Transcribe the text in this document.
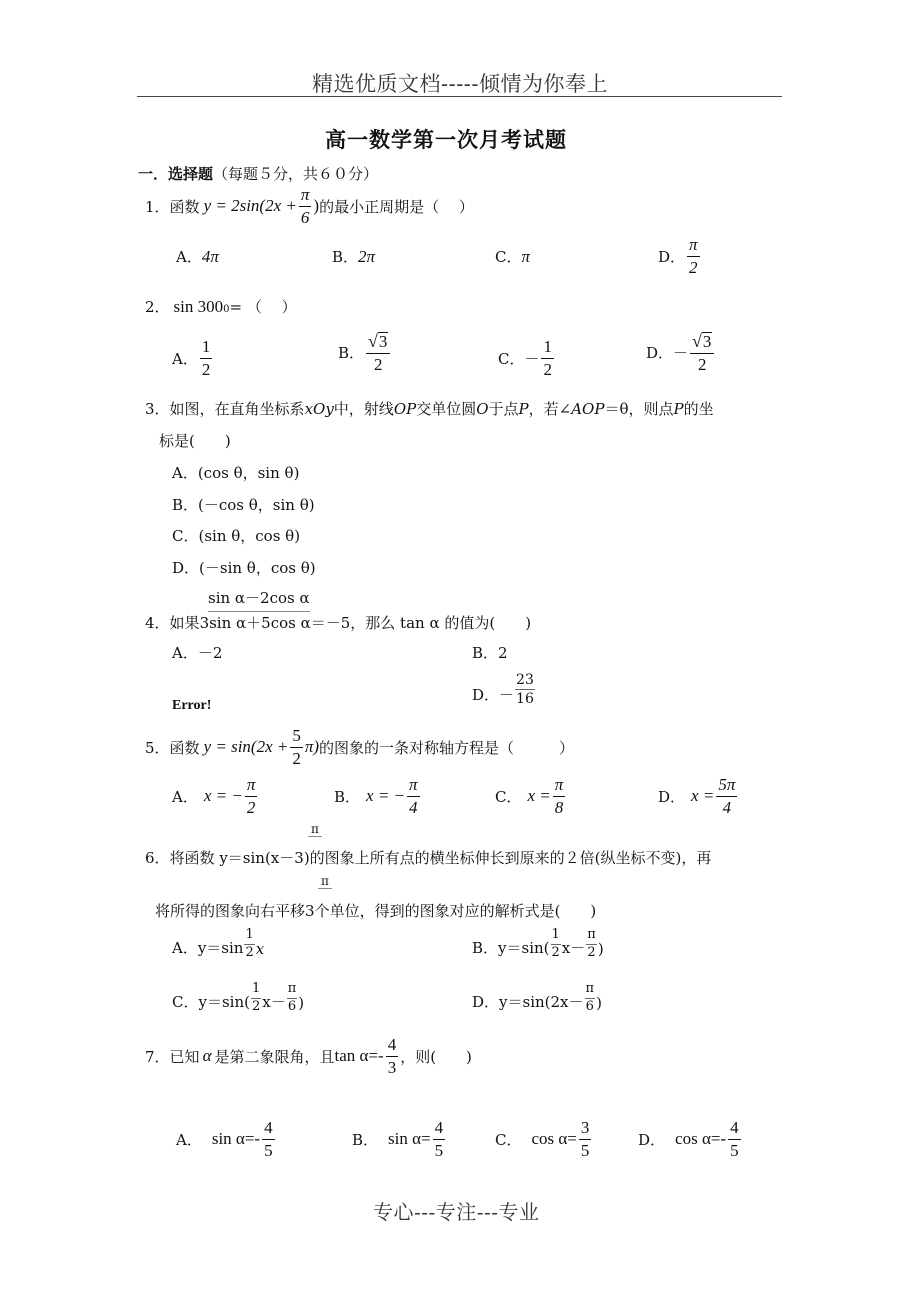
精选优质文档-----倾情为你奉上
高一数学第一次月考试题
一．选择题（每题５分，共６０分）
1． 函数 $y = 2\sin(2x + \frac{\pi}{6}$ ) 的最小正周期是（　 ）
A．4π	B．2π	C．π	D． $\frac{\pi}{2}$
2． sin 300 0 = （　 ）
A． $\frac{1}{2}$	B． $\frac{√3}{2}$	C．－ $\frac{1}{2}$	D．－ $\frac{√3}{2}$
3．如图，在直角坐标系xOy中，射线OP交单位圆O于点P，若∠AOP＝θ，则点P的坐
标是(　　)
A．(cos θ，sin θ)
B．(－cos θ，sin θ)
C．(sin θ，cos θ)
D．(－sin θ，cos θ)
sin α－2cos α
4．如果3sin α＋5cos α＝－5，那么 tan α 的值为(　　)
A．－2	B．2
Error!
D．－ $\frac{23}{16}$
5． 函数 $y = \sin(2x + \frac{5}{2} \pi)$ 的图象的一条对称轴方程是（　　　）
A． x = − $\frac{\pi}{2}$	B． x = − $\frac{\pi}{4}$	C． $x = \frac{\pi}{8}$	D． $x = \frac{5\pi}{4}$
π
6．将函数 y＝sin(x－3)的图象上所有点的横坐标伸长到原来的２倍(纵坐标不变)，再
π
将所得的图象向右平移3个单位，得到的图象对应的解析式是(　　)
A．$y=\sin \frac{1}{2}$ x	B．$y=\sin( \frac{1}{2} x- \frac{\pi}{2}$ )
C．$y=\sin( \frac{1}{2} x- \frac{\pi}{6}$ )	D．$y=\sin(2x- \frac{\pi}{6}$ )
7． 已知 α 是第二象限角，且 $\tan \alpha=- \frac{4}{3}$ ，则(　　)
A． $\sin \alpha=- \frac{4}{5}$	B． $\sin \alpha= \frac{4}{5}$	C． $\cos \alpha= \frac{3}{5}$	D． $\cos \alpha=- \frac{4}{5}$
专心---专注---专业
